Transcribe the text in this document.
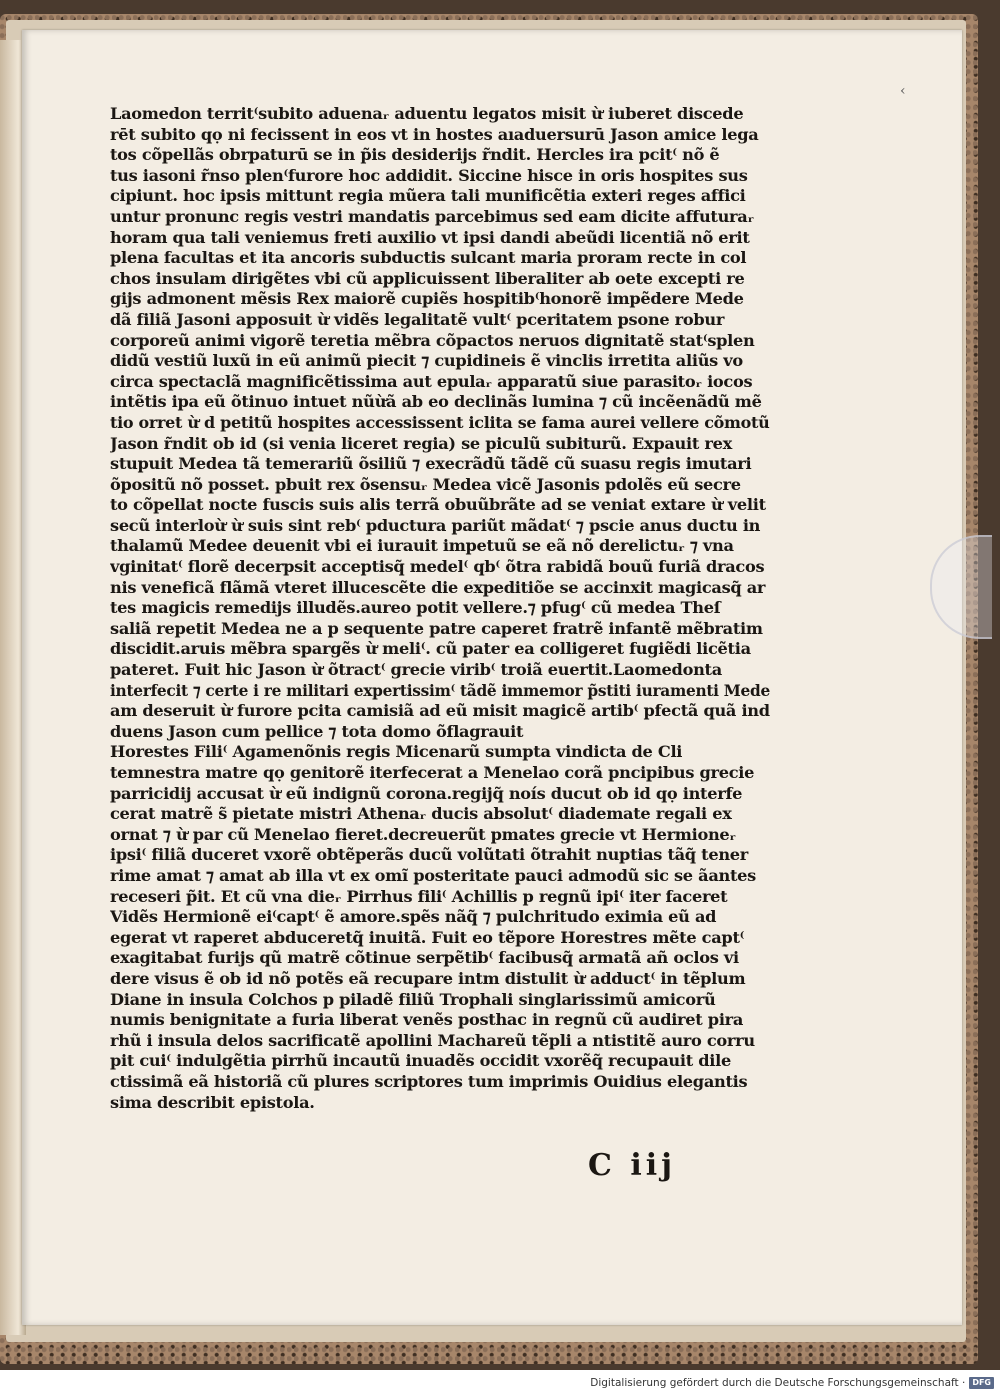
‹
Laomedon territ⁽subito aduenaᵣ aduentu legatos misit ừ iuberet discede
rēt subito qọ ni fecissent in eos vt in hostes aıaduersurū Jason amice lega
tos cõpellãs obrpaturū se in p̃is desiderijs r̃ndit. Hercles ira pcit⁽ nõ ẽ
tus iasoni r̃nso plen⁽furore hoc addidit. Siccine hisce in oris hospites sus
cipiunt. hoc ipsis mittunt regia mũera tali munificẽtia exteri reges affici
untur pronunc regis vestri mandatis parcebimus sed eam dicite affuturaᵣ
horam qua tali veniemus freti auxilio vt ipsi dandi abeũdi licentiã nõ erit
plena facultas et ita ancoris subductis sulcant maria proram recte in col
chos insulam dirigẽtes vbi cũ applicuissent liberaliter ab oete excepti re
gijs admonent mẽsis Rex maiorẽ cupiẽs hospitib⁽honorẽ impẽdere Mede
dã filiã Jasoni apposuit ừ vidẽs legalitatẽ vult⁽ pceritatem psone robur
corporeũ animi vigorẽ teretia mẽbra cõpactos neruos dignitatẽ stat⁽splen
didũ vestiũ luxũ in eũ animũ piecit ⁊ cupidineis ẽ vinclis irretita aliũs vo
circa spectaclã magnificẽtissima aut epulaᵣ apparatũ siue parasitoᵣ iocos
intẽtis ipa eũ õtinuo intuet nũừã ab eo declinãs lumina ⁊ cũ incẽenãdũ mẽ
tio orret ừ d petitũ hospites accessissent iclita se fama aurei vellere cõmotũ
Jason r̃ndit ob id (si venia liceret regia) se piculũ subiturũ. Expauit rex
stupuit Medea tã temerariũ õsiliũ ⁊ execrãdũ tãdẽ cũ suasu regis imutari
õpositũ nõ posset. pbuit rex õsensuᵣ Medea vicẽ Jasonis pdolẽs eũ secre
to cõpellat nocte fuscis suis alis terrã obuũbrãte ad se veniat extare ừ velit
secũ interloừ ừ suis sint reb⁽ pductura pariũt mãdat⁽ ⁊ pscie anus ductu in
thalamũ Medee deuenit vbi ei iurauit impetuũ se eã nõ derelictuᵣ ⁊ vna
vginitat⁽ florẽ decerpsit acceptisq̃ medel⁽ qb⁽ õtra rabidã bouũ furiã dracos
nis veneficã flãmã vteret illucescẽte die expeditiõe se accinxit magicasq̃ ar
tes magicis remedijs illudẽs.aureo potit vellere.⁊ pfug⁽ cũ medea Theſ
saliã repetit Medea ne a p sequente patre caperet fratrẽ infantẽ mẽbratim
discidit.aruis mẽbra spargẽs ừ meli⁽. cũ pater ea colligeret fugiẽdi licẽtia
pateret. Fuit hic Jason ừ õtract⁽ grecie virib⁽ troiã euertit.Laomedonta
interfecit ⁊ certe i re militari expertissim⁽ tãdẽ immemor p̃stiti iuramenti Mede
am deseruit ừ furore pcita camisiã ad eũ misit magicẽ artib⁽ pfectã quã ind
duens Jason cum pellice ⁊ tota domo õflagrauit
Horestes Fili⁽ Agamenõnis regis Micenarũ sumpta vindicta de Cli
temnestra matre qọ genitorẽ iterfecerat a Menelao corã pncipibus grecie
parricidij accusat ừ eũ indignũ corona.regijq̃ noís ducut ob id qọ interfe
cerat matrẽ s̃ pietate mistri Athenaᵣ ducis absolut⁽ diademate regali ex
ornat ⁊ ừ par cũ Menelao fieret.decreuerũt pmates grecie vt Hermioneᵣ
ipsi⁽ filiã duceret vxorẽ obtẽperãs ducũ volũtati õtrahit nuptias tãq̃ tener
rime amat ⁊ amat ab illa vt ex omĩ posteritate pauci admodũ sic se ãantes
receseri p̃it. Et cũ vna dieᵣ Pirrhus fili⁽ Achillis p regnũ ipi⁽ iter faceret
Vidẽs Hermionẽ ei⁽capt⁽ ẽ amore.spẽs nãq̃ ⁊ pulchritudo eximia eũ ad
egerat vt raperet abduceretq̃ inuitã. Fuit eo tẽpore Horestres mẽte capt⁽
exagitabat furijs qũ matrẽ cõtinue serpẽtib⁽ facibusq̃ armatã añ oclos vi
dere visus ẽ ob id nõ potẽs eã recupare intm distulit ừ adduct⁽ in tẽplum
Diane in insula Colchos p piladẽ filiũ Trophali singlarissimũ amicorũ
numis benignitate a furia liberat venẽs posthac in regnũ cũ audiret pira
rhũ i insula delos sacrificatẽ apollini Machareũ tẽpli a ntistitẽ auro corru
pit cui⁽ indulgẽtia pirrhũ incautũ inuadẽs occidit vxorẽq̃ recupauit dile
ctissimã eã historiã cũ plures scriptores tum imprimis Ouidius elegantis
sima describit epistola.
C iij
Digitalisierung gefördert durch die Deutsche Forschungsgemeinschaft · DFG
